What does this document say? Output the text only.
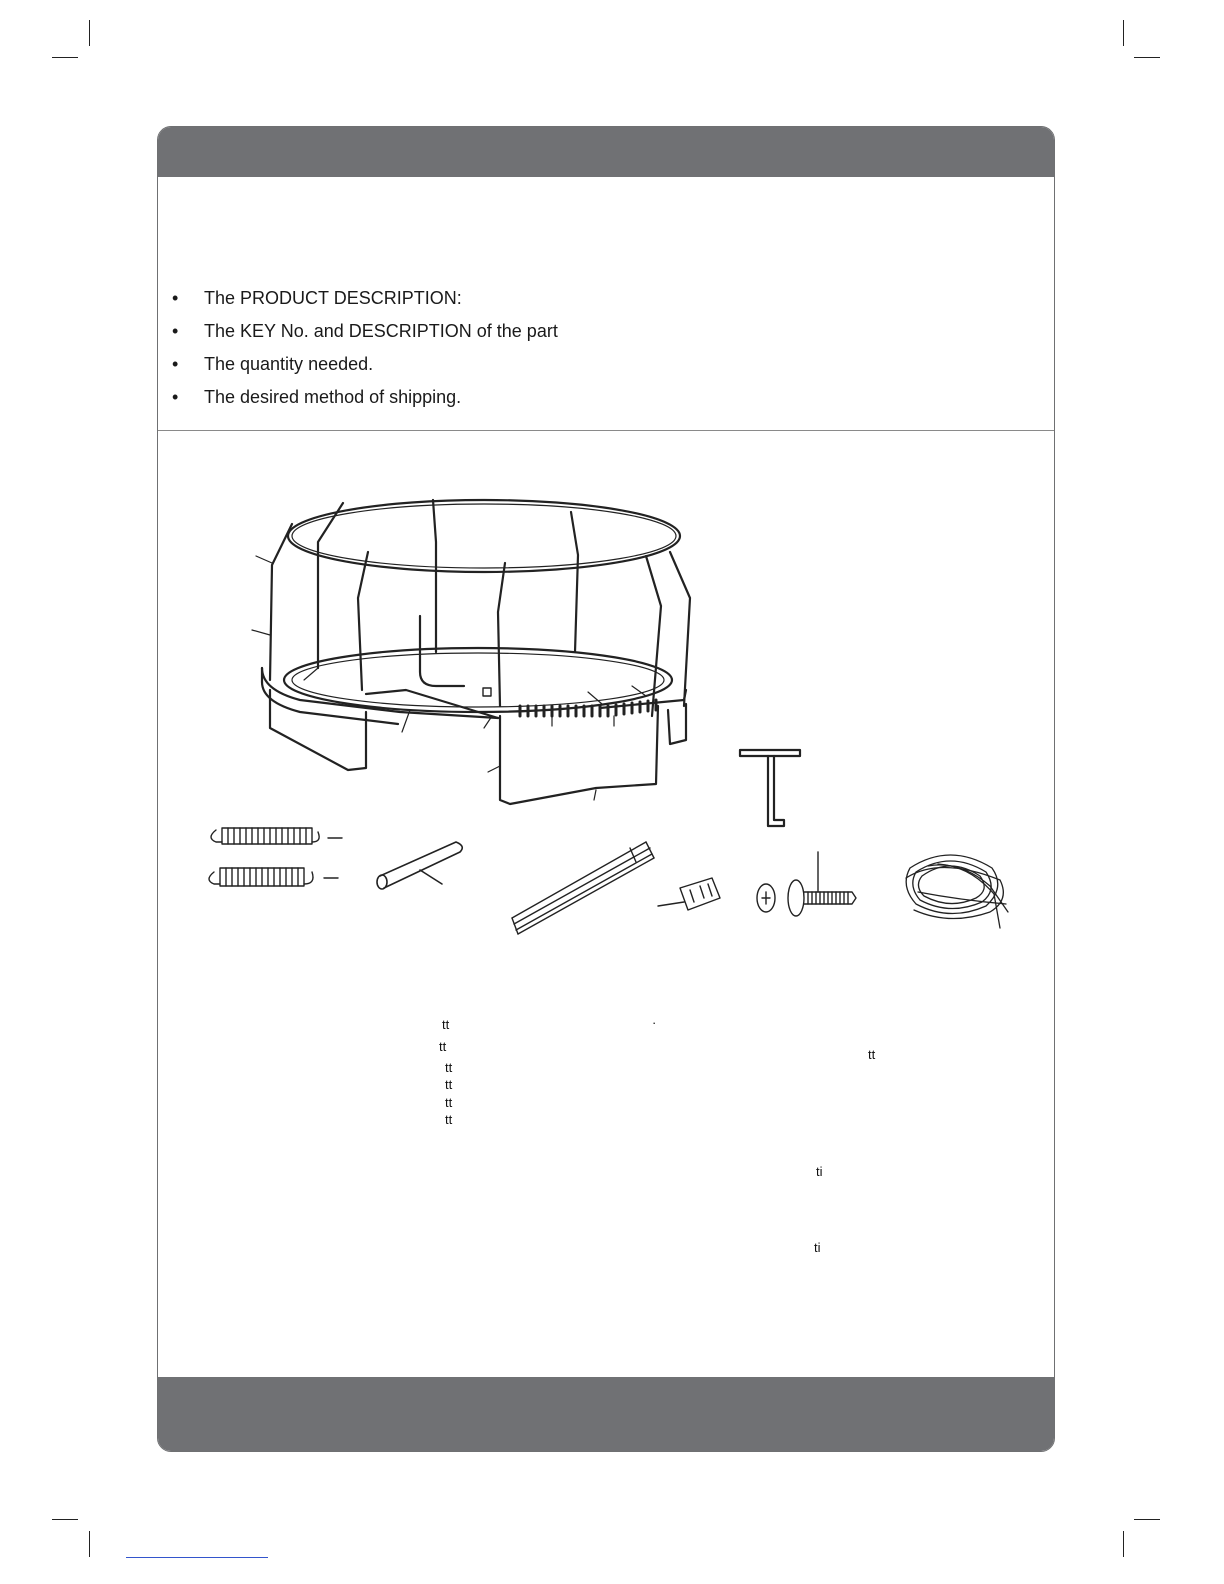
• The PRODUCT DESCRIPTION:
• The KEY No. and DESCRIPTION of the part
• The quantity needed.
• The desired method of shipping.
tt
tt
tt
tt
tt
tt
tt
ti
ti
·
